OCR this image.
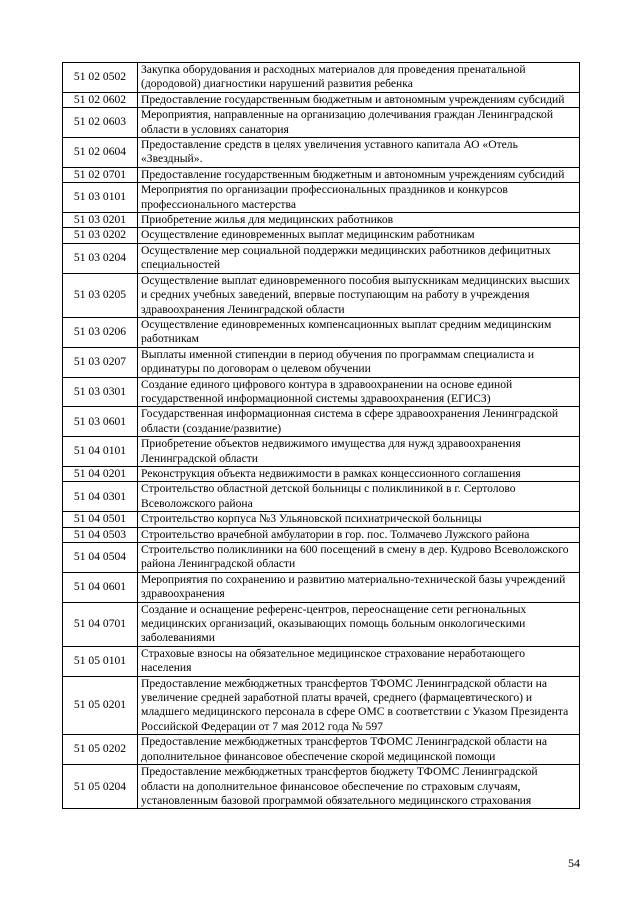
51 02 0502	Закупка оборудования и расходных материалов для проведения пренатальной (дородовой) диагностики нарушений развития ребенка
51 02 0602	Предоставление государственным бюджетным и автономным учреждениям субсидий
51 02 0603	Мероприятия, направленные на организацию долечивания граждан Ленинградской области в условиях санатория
51 02 0604	Предоставление средств в целях увеличения уставного капитала АО «Отель «Звездный».
51 02 0701	Предоставление государственным бюджетным и автономным учреждениям субсидий
51 03 0101	Мероприятия по организации профессиональных праздников и конкурсов профессионального мастерства
51 03 0201	Приобретение жилья для медицинских работников
51 03 0202	Осуществление единовременных выплат медицинским работникам
51 03 0204	Осуществление мер социальной поддержки медицинских работников дефицитных специальностей
51 03 0205	Осуществление выплат единовременного пособия выпускникам медицинских высших и средних учебных заведений, впервые поступающим на работу в учреждения здравоохранения Ленинградской области
51 03 0206	Осуществление единовременных компенсационных выплат средним медицинским работникам
51 03 0207	Выплаты именной стипендии в период обучения по программам специалиста и ординатуры по договорам о целевом обучении
51 03 0301	Создание единого цифрового контура в здравоохранении на основе единой государственной информационной системы здравоохранения (ЕГИСЗ)
51 03 0601	Государственная информационная система в сфере здравоохранения Ленинградской области (создание/развитие)
51 04 0101	Приобретение объектов недвижимого имущества для нужд здравоохранения Ленинградской области
51 04 0201	Реконструкция объекта недвижимости в рамках концессионного соглашения
51 04 0301	Строительство областной детской больницы с поликлиникой в г. Сертолово Всеволожского района
51 04 0501	Строительство корпуса №3 Ульяновской психиатрической больницы
51 04 0503	Строительство врачебной амбулатории в гор. пос. Толмачево Лужского района
51 04 0504	Строительство поликлиники на 600 посещений в смену в дер. Кудрово Всеволожского района Ленинградской области
51 04 0601	Мероприятия по сохранению и развитию материально-технической базы учреждений здравоохранения
51 04 0701	Создание и оснащение референс-центров, переоснащение сети регнональных медицинских организаций, оказывающих помощь больным онкологическими заболеваниями
51 05 0101	Страховые взносы на обязательное медицинское страхование неработающего населения
51 05 0201	Предоставление межбюджетных трансфертов ТФОМС Ленинградской области на увеличение средней заработной платы врачей, среднего (фармацевтического) и младшего медицинского персонала в сфере ОМС в соответствии с Указом Президента Российской Федерации от 7 мая 2012 года № 597
51 05 0202	Предоставление межбюджетных трансфертов ТФОМС Ленинградской области на дополнительное финансовое обеспечение скорой медицинской помощи
51 05 0204	Предоставление межбюджетных трансфертов бюджету ТФОМС Ленинградской области на дополнительное финансовое обеспечение по страховым случаям, установленным базовой программой обязательного медицинского страхования
54
